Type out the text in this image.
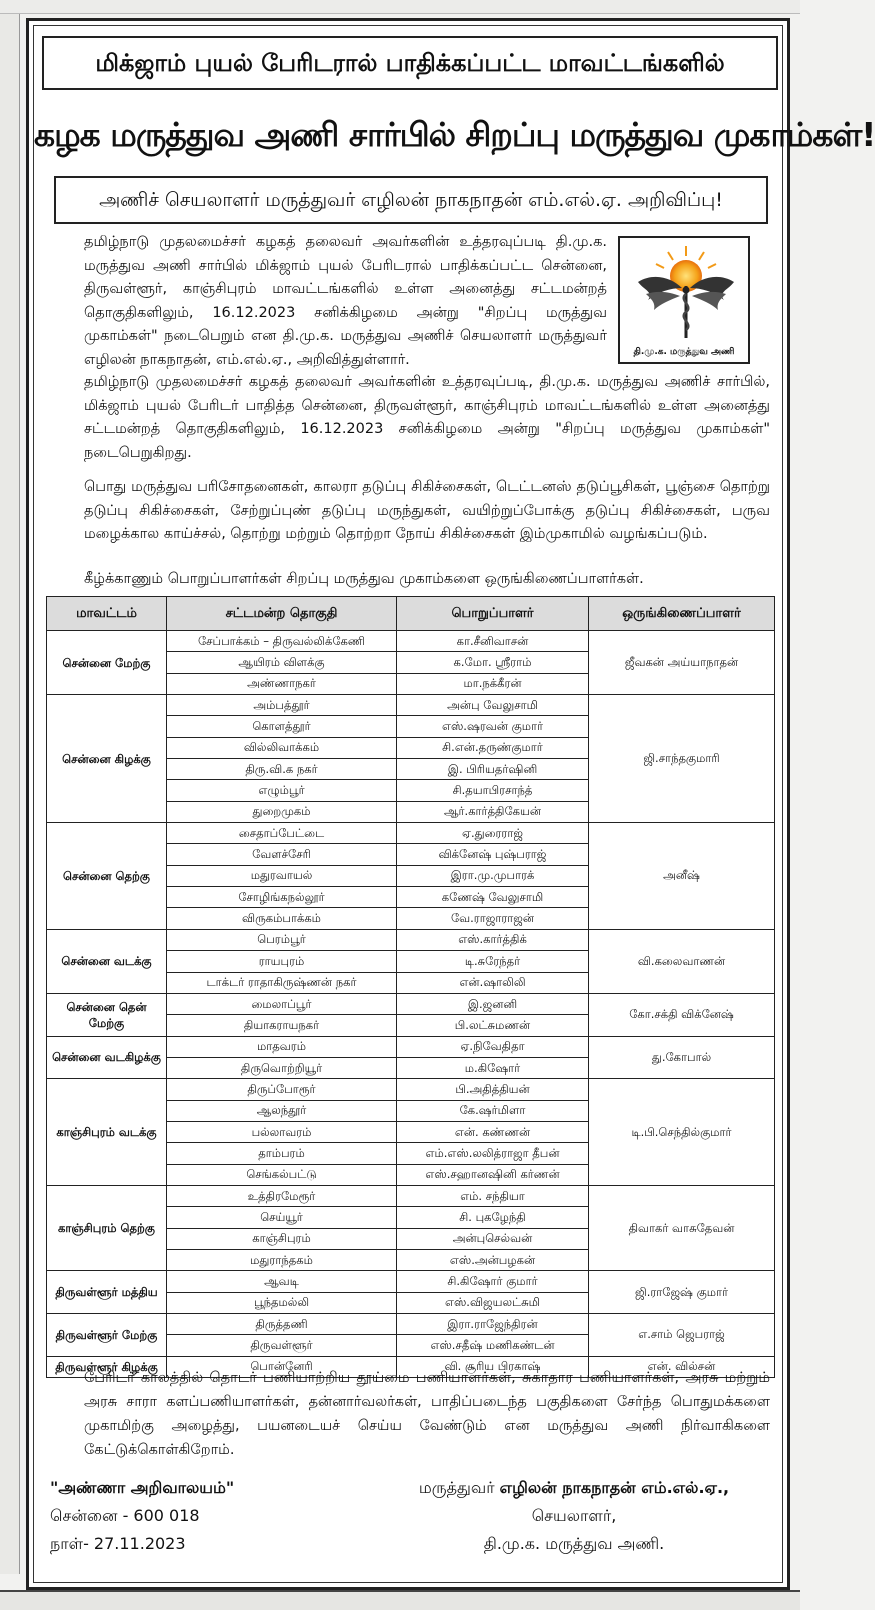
மிக்ஜாம் புயல் பேரிடரால் பாதிக்கப்பட்ட மாவட்டங்களில்
கழக மருத்துவ அணி சார்பில் சிறப்பு மருத்துவ முகாம்கள்!
அணிச் செயலாளர் மருத்துவர் எழிலன் நாகநாதன் எம்.எல்.ஏ. அறிவிப்பு!
தமிழ்நாடு முதலமைச்சர் கழகத் தலைவர் அவர்களின் உத்தரவுப்படி தி.மு.க. மருத்துவ அணி சார்பில் மிக்ஜாம் புயல் பேரிடரால் பாதிக்கப்பட்ட சென்னை, திருவள்ளூர், காஞ்சிபுரம் மாவட்டங்களில் உள்ள அனைத்து சட்டமன்றத் தொகுதிகளிலும், 16.12.2023 சனிக்கிழமை அன்று "சிறப்பு மருத்துவ முகாம்கள்" நடைபெறும் என தி.மு.க. மருத்துவ அணிச் செயலாளர் மருத்துவர் எழிலன் நாகநாதன், எம்.எல்.ஏ., அறிவித்துள்ளார்.	தி.மு.க. மருத்துவ அணி
தமிழ்நாடு முதலமைச்சர் கழகத் தலைவர் அவர்களின் உத்தரவுப்படி, தி.மு.க. மருத்துவ அணிச் சார்பில், மிக்ஜாம் புயல் பேரிடர் பாதித்த சென்னை, திருவள்ளூர், காஞ்சிபுரம் மாவட்டங்களில் உள்ள அனைத்து சட்டமன்றத் தொகுதிகளிலும், 16.12.2023 சனிக்கிழமை அன்று "சிறப்பு மருத்துவ முகாம்கள்" நடைபெறுகிறது.
பொது மருத்துவ பரிசோதனைகள், காலரா தடுப்பு சிகிச்சைகள், டெட்டனஸ் தடுப்பூசிகள், பூஞ்சை தொற்று தடுப்பு சிகிச்சைகள், சேற்றுப்புண் தடுப்பு மருந்துகள், வயிற்றுப்போக்கு தடுப்பு சிகிச்சைகள், பருவ மழைக்கால காய்ச்சல், தொற்று மற்றும் தொற்றா நோய் சிகிச்சைகள் இம்முகாமில் வழங்கப்படும்.
கீழ்க்காணும் பொறுப்பாளர்கள் சிறப்பு மருத்துவ முகாம்களை ஒருங்கிணைப்பாளர்கள்.
மாவட்டம்	சட்டமன்ற தொகுதி	பொறுப்பாளர்	ஒருங்கிணைப்பாளர்
சென்னை மேற்கு	சேப்பாக்கம் – திருவல்லிக்கேணி	கா.சீனிவாசன்	ஜீவகன் அய்யாநாதன்
	ஆயிரம் விளக்கு	க.மோ. ஸ்ரீராம்	
	அண்ணாநகர்	மா.நக்கீரன்	
சென்னை கிழக்கு	அம்பத்தூர்	அன்பு வேலுசாமி	ஜி.சாந்தகுமாரி
	கொளத்தூர்	எஸ்.ஷரவன் குமார்	
	வில்லிவாக்கம்	சி.என்.தருண்குமார்	
	திரு.வி.க நகர்	இ. பிரியதர்ஷினி	
	எழும்பூர்	சி.தயாபிரசாந்த்	
	துறைமுகம்	ஆர்.கார்த்திகேயன்	
சென்னை தெற்கு	சைதாப்பேட்டை	ஏ.துரைராஜ்	அனீஷ்
	வேளச்சேரி	விக்னேஷ் புஷ்பராஜ்	
	மதுரவாயல்	இரா.மு.முபாரக்	
	சோழிங்கநல்லூர்	கணேஷ் வேலுசாமி	
	விருகம்பாக்கம்	வே.ராஜாராஜன்	
சென்னை வடக்கு	பெரம்பூர்	எஸ்.கார்த்திக்	வி.கலைவாணன்
	ராயபுரம்	டி.சுரேந்தர்	
	டாக்டர் ராதாகிருஷ்ணன் நகர்	என்.ஷாலிலி	
சென்னை தென் மேற்கு	மைலாப்பூர்	இ.ஜனனி	கோ.சக்தி விக்னேஷ்
	தியாகராயநகர்	பி.லட்சுமணன்	
சென்னை வடகிழக்கு	மாதவரம்	ஏ.நிவேதிதா	து.கோபால்
	திருவொற்றியூர்	ம.கிஷோர்	
காஞ்சிபுரம் வடக்கு	திருப்போரூர்	பி.அதித்தியன்	டி.பி.செந்தில்குமார்
	ஆலந்தூர்	கே.ஷர்மிளா	
	பல்லாவரம்	என். கண்ணன்	
	தாம்பரம்	எம்.எஸ்.லலித்ராஜா தீபன்	
	செங்கல்பட்டு	எஸ்.சஹானஷினி கர்ணன்	
காஞ்சிபுரம் தெற்கு	உத்திரமேரூர்	எம். சந்தியா	திவாகர் வாசுதேவன்
	செய்யூர்	சி. புகழேந்தி	
	காஞ்சிபுரம்	அன்புசெல்வன்	
	மதுராந்தகம்	எஸ்.அன்பழகன்	
திருவள்ளூர் மத்திய	ஆவடி	சி.கிஷோர் குமார்	ஜி.ராஜேஷ் குமார்
	பூந்தமல்லி	எஸ்.விஜயலட்சுமி	
திருவள்ளூர் மேற்கு	திருத்தணி	இரா.ராஜேந்திரன்	எ.சாம் ஜெபராஜ்
	திருவள்ளூர்	எஸ்.சதீஷ் மணிகண்டன்	
திருவள்ளூர் கிழக்கு	பொன்னேரி	வி. சூரிய பிரகாஷ்	என். வில்சன்
பேரிடர் காலத்தில் தொடர் பணியாற்றிய தூய்மை பணியாளர்கள், சுகாதார பணியாளர்கள், அரசு மற்றும் அரசு சாரா களப்பணியாளர்கள், தன்னார்வலர்கள், பாதிப்படைந்த பகுதிகளை சேர்ந்த பொதுமக்களை முகாமிற்கு அழைத்து, பயனடையச் செய்ய வேண்டும் என மருத்துவ அணி நிர்வாகிகளை கேட்டுக்கொள்கிறோம்.
"அண்ணா அறிவாலயம்"
சென்னை - 600 018
நாள்- 27.11.2023
மருத்துவர் எழிலன் நாகநாதன் எம்.எல்.ஏ.,
செயலாளர்,
தி.மு.க. மருத்துவ அணி.
